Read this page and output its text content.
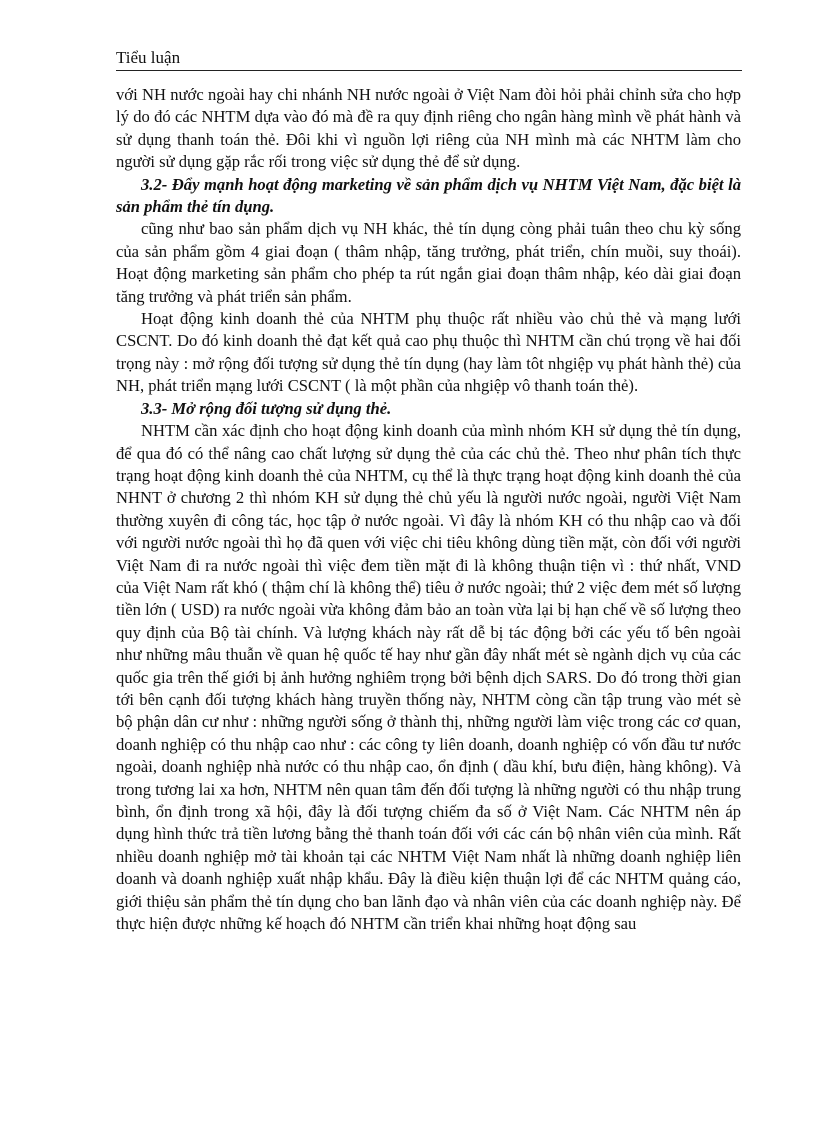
Tiểu luận

với NH nước ngoài hay chi nhánh NH nước ngoài ở Việt Nam đòi hỏi phải chỉnh sửa cho hợp lý do đó các NHTM dựa vào đó mà đề ra quy định riêng cho ngân hàng mình về phát hành và sử dụng thanh toán thẻ. Đôi khi vì nguồn lợi riêng của NH mình mà các NHTM làm cho người sử dụng gặp rắc rối trong việc sử dụng thẻ để sử dụng.

3.2- Đẩy mạnh hoạt động marketing về sản phẩm dịch vụ NHTM Việt Nam, đặc biệt là sản phẩm thẻ tín dụng.

cũng như bao sản phẩm dịch vụ NH khác, thẻ tín dụng còng phải tuân theo chu kỳ sống của sản phẩm gồm 4 giai đoạn ( thâm nhập, tăng trưởng, phát triển, chín muồi, suy thoái). Hoạt động marketing sản phẩm cho phép ta rút ngắn giai đoạn thâm nhập, kéo dài giai đoạn tăng trưởng và phát triển sản phẩm.

Hoạt động kinh doanh thẻ của NHTM phụ thuộc rất nhiều vào chủ thẻ và mạng lưới CSCNT. Do đó kinh doanh thẻ đạt kết quả cao phụ thuộc thì NHTM cần chú trọng về hai đối trọng này : mở rộng đối tượng sử dụng thẻ tín dụng (hay làm tôt nhgiệp vụ phát hành thẻ) của NH, phát triển mạng lưới CSCNT ( là một phần của nhgiệp vô thanh toán thẻ).

3.3- Mở rộng đối tượng sử dụng thẻ.

NHTM cần xác định cho hoạt động kinh doanh của mình nhóm KH sử dụng thẻ tín dụng, để qua đó có thể nâng cao chất lượng sử dụng thẻ của các chủ thẻ. Theo như phân tích thực trạng hoạt động kinh doanh thẻ của NHTM, cụ thể là thực trạng hoạt động kinh doanh thẻ của NHNT ở chương 2 thì nhóm KH sử dụng thẻ chủ yếu là người nước ngoài, người Việt Nam thường xuyên đi công tác, học tập ở nước ngoài. Vì đây là nhóm KH có thu nhập cao và đối với người nước ngoài thì họ đã quen với việc chi tiêu không dùng tiền mặt, còn đối với người Việt Nam đi ra nước ngoài thì việc đem tiền mặt đi là không thuận tiện vì : thứ nhất, VND của Việt Nam rất khó ( thậm chí là không thể) tiêu ở nước ngoài; thứ 2 việc đem mét số lượng tiền lớn ( USD) ra nước ngoài vừa không đảm bảo an toàn vừa lại bị hạn chế về số lượng theo quy định của Bộ tài chính. Và lượng khách này rất dễ bị tác động bởi các yếu tố bên ngoài như những mâu thuẫn về quan hệ quốc tế hay như gần đây nhất mét sè ngành dịch vụ của các quốc gia trên thế giới bị ảnh hưởng nghiêm trọng bởi bệnh dịch SARS. Do đó trong thời gian tới bên cạnh đối tượng khách hàng truyền thống này, NHTM còng cần tập trung vào mét sè bộ phận dân cư như : những người sống ở thành thị, những người làm việc trong các cơ quan, doanh nghiệp có thu nhập cao như : các công ty liên doanh, doanh nghiệp có vốn đầu tư nước ngoài, doanh nghiệp nhà nước có thu nhập cao, ổn định ( dầu khí, bưu điện, hàng không). Và trong tương lai xa hơn, NHTM nên quan tâm đến đối tượng là những người có thu nhập trung bình, ổn định trong xã hội, đây là đối tượng chiếm đa số ở Việt Nam. Các NHTM nên áp dụng hình thức trả tiền lương bằng thẻ thanh toán đối với các cán bộ nhân viên của mình. Rất nhiều doanh nghiệp mở tài khoản tại các NHTM Việt Nam nhất là những doanh nghiệp liên doanh và doanh nghiệp xuất nhập khẩu. Đây là điều kiện thuận lợi để các NHTM quảng cáo, giới thiệu sản phẩm thẻ tín dụng cho ban lãnh đạo và nhân viên của các doanh nghiệp này. Để thực hiện được những kế hoạch đó NHTM cần triển khai những hoạt động sau
